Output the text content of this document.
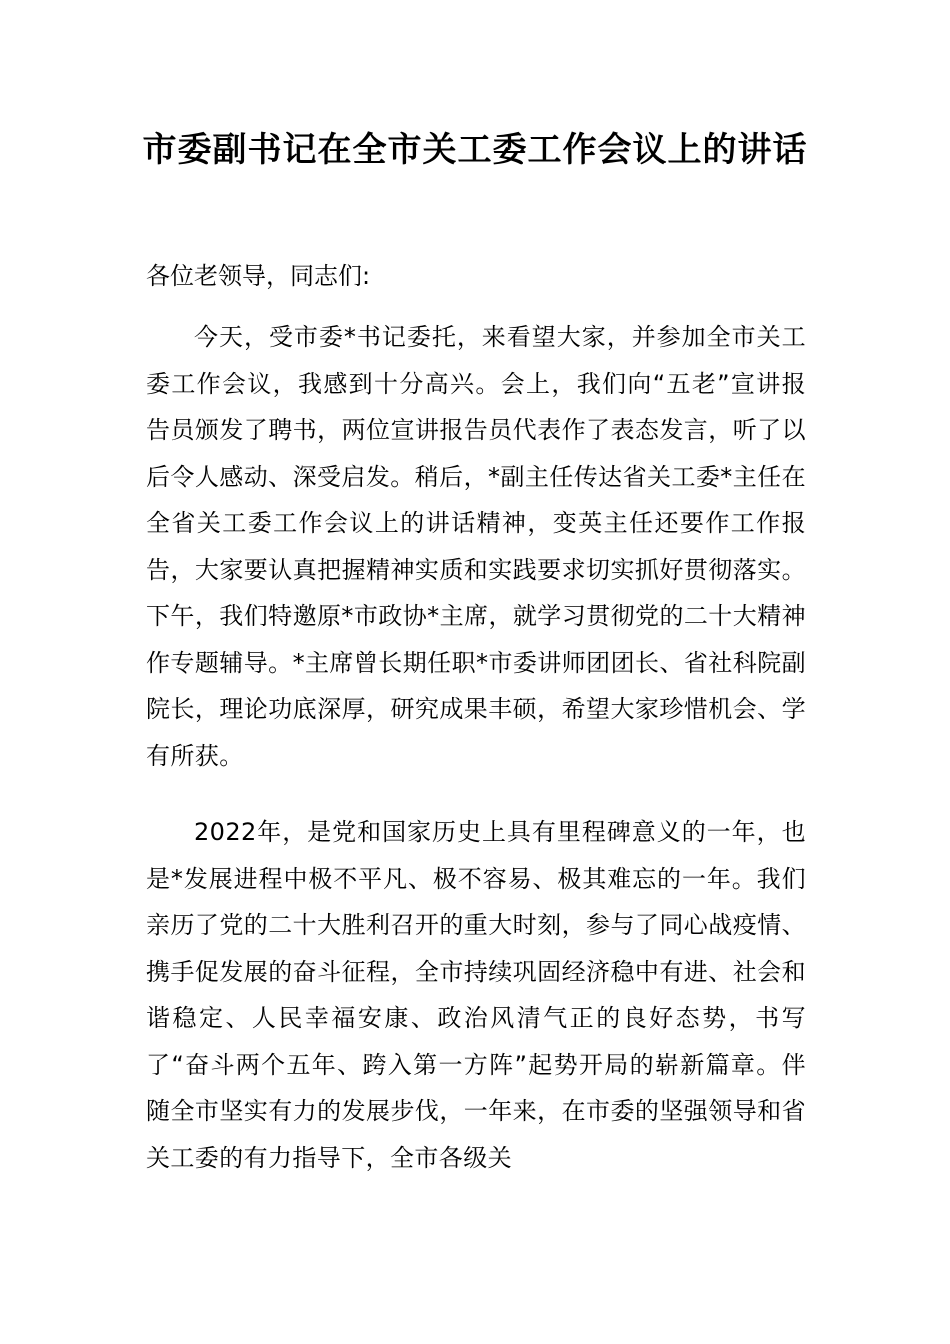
市委副书记在全市关工委工作会议上的讲话

各位老领导，同志们:

今天，受市委*书记委托，来看望大家，并参加全市关工委工作会议，我感到十分高兴。会上，我们向“五老”宣讲报告员颁发了聘书，两位宣讲报告员代表作了表态发言，听了以后令人感动、深受启发。稍后，*副主任传达省关工委*主任在全省关工委工作会议上的讲话精神，变英主任还要作工作报告，大家要认真把握精神实质和实践要求切实抓好贯彻落实。下午，我们特邀原*市政协*主席，就学习贯彻党的二十大精神作专题辅导。*主席曾长期任职*市委讲师团团长、省社科院副院长，理论功底深厚，研究成果丰硕，希望大家珍惜机会、学有所获。

2022年，是党和国家历史上具有里程碑意义的一年，也是*发展进程中极不平凡、极不容易、极其难忘的一年。我们亲历了党的二十大胜利召开的重大时刻，参与了同心战疫情、携手促发展的奋斗征程，全市持续巩固经济稳中有进、社会和谐稳定、人民幸福安康、政治风清气正的良好态势，书写了“奋斗两个五年、跨入第一方阵”起势开局的崭新篇章。伴随全市坚实有力的发展步伐，一年来，在市委的坚强领导和省关工委的有力指导下，全市各级关
